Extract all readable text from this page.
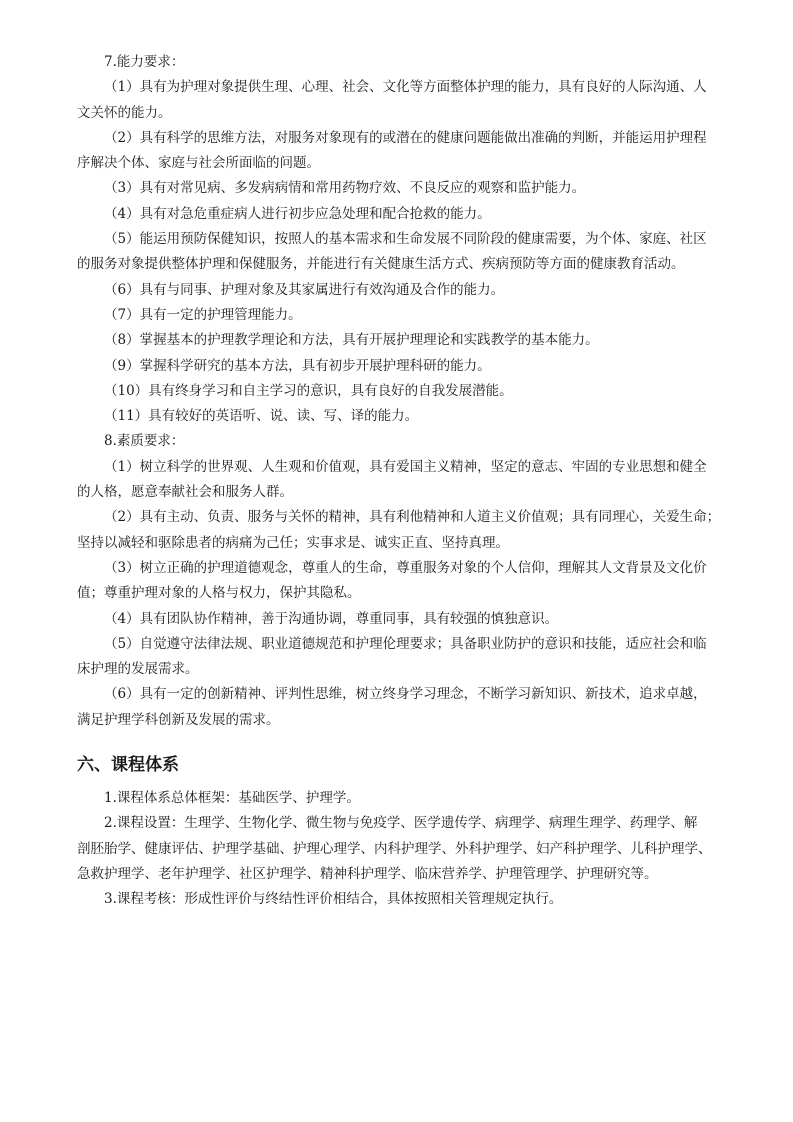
7.能力要求：

（1）具有为护理对象提供生理、心理、社会、文化等方面整体护理的能力，具有良好的人际沟通、人

文关怀的能力。

（2）具有科学的思维方法，对服务对象现有的或潜在的健康问题能做出准确的判断，并能运用护理程

序解决个体、家庭与社会所面临的问题。

（3）具有对常见病、多发病病情和常用药物疗效、不良反应的观察和监护能力。

（4）具有对急危重症病人进行初步应急处理和配合抢救的能力。

（5）能运用预防保健知识，按照人的基本需求和生命发展不同阶段的健康需要，为个体、家庭、社区

的服务对象提供整体护理和保健服务，并能进行有关健康生活方式、疾病预防等方面的健康教育活动。

（6）具有与同事、护理对象及其家属进行有效沟通及合作的能力。

（7）具有一定的护理管理能力。

（8）掌握基本的护理教学理论和方法，具有开展护理理论和实践教学的基本能力。

（9）掌握科学研究的基本方法，具有初步开展护理科研的能力。

（10）具有终身学习和自主学习的意识，具有良好的自我发展潜能。

（11）具有较好的英语听、说、读、写、译的能力。

8.素质要求：

（1）树立科学的世界观、人生观和价值观，具有爱国主义精神，坚定的意志、牢固的专业思想和健全

的人格，愿意奉献社会和服务人群。

（2）具有主动、负责、服务与关怀的精神，具有利他精神和人道主义价值观；具有同理心，关爱生命；

坚持以减轻和驱除患者的病痛为己任；实事求是、诚实正直、坚持真理。

（3）树立正确的护理道德观念，尊重人的生命，尊重服务对象的个人信仰，理解其人文背景及文化价

值；尊重护理对象的人格与权力，保护其隐私。

（4）具有团队协作精神，善于沟通协调，尊重同事，具有较强的慎独意识。

（5）自觉遵守法律法规、职业道德规范和护理伦理要求；具备职业防护的意识和技能，适应社会和临

床护理的发展需求。

（6）具有一定的创新精神、评判性思维，树立终身学习理念，不断学习新知识、新技术，追求卓越，

满足护理学科创新及发展的需求。

六、课程体系

1.课程体系总体框架：基础医学、护理学。

2.课程设置：生理学、生物化学、微生物与免疫学、医学遗传学、病理学、病理生理学、药理学、解

剖胚胎学、健康评估、护理学基础、护理心理学、内科护理学、外科护理学、妇产科护理学、儿科护理学、

急救护理学、老年护理学、社区护理学、精神科护理学、临床营养学、护理管理学、护理研究等。

3.课程考核：形成性评价与终结性评价相结合，具体按照相关管理规定执行。
